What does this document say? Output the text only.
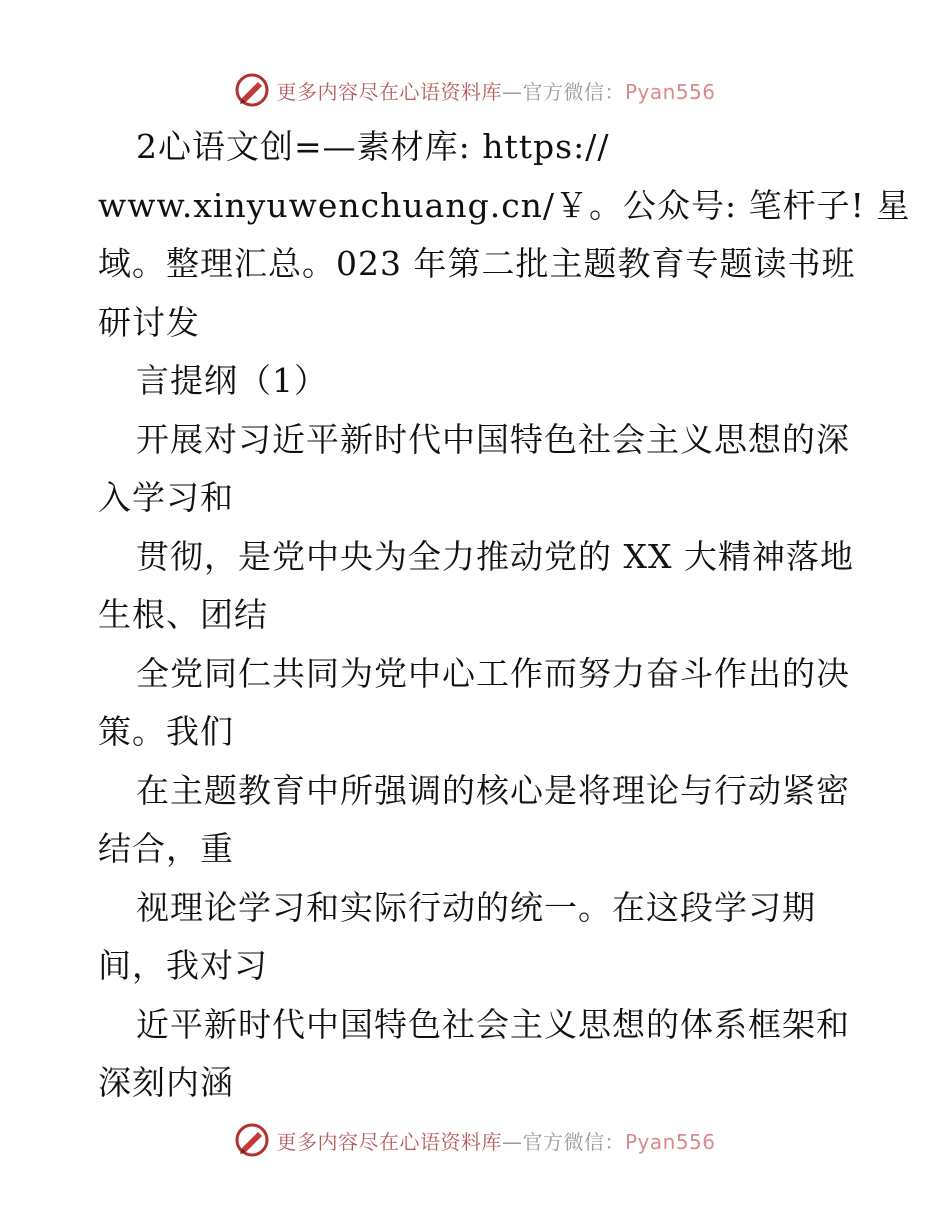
更多内容尽在心语资料库—官方微信：Pyan556
2心语文创=—素材库: https://
www.xinyuwenchuang.cn/￥。公众号: 笔杆子! 星
域。整理汇总。023 年第二批主题教育专题读书班
研讨发
言提纲（1）
开展对习近平新时代中国特色社会主义思想的深
入学习和
贯彻，是党中央为全力推动党的 XX 大精神落地
生根、团结
全党同仁共同为党中心工作而努力奋斗作出的决
策。我们
在主题教育中所强调的核心是将理论与行动紧密
结合，重
视理论学习和实际行动的统一。在这段学习期
间，我对习
近平新时代中国特色社会主义思想的体系框架和
深刻内涵
更多内容尽在心语资料库—官方微信：Pyan556
